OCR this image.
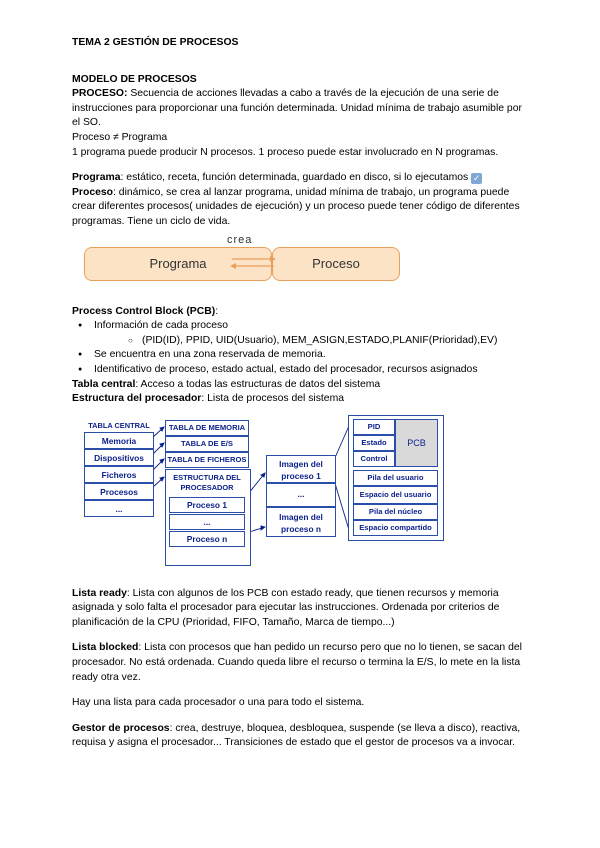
TEMA 2 GESTIÓN DE PROCESOS

MODELO DE PROCESOS

PROCESO: Secuencia de acciones llevadas a cabo a través de la ejecución de una serie de instrucciones para proporcionar una función determinada. Unidad mínima de trabajo asumible por el SO.

Proceso ≠ Programa

1 programa puede producir N procesos. 1 proceso puede estar involucrado en N programas.

Programa: estático, receta, función determinada, guardado en disco, si lo ejecutamos ✓

Proceso: dinámico, se crea al lanzar programa, unidad mínima de trabajo, un programa puede crear diferentes procesos( unidades de ejecución) y un proceso puede tener código de diferentes programas. Tiene un ciclo de vida.

Programa	Proceso
crea

Process Control Block (PCB):

● Información de cada proceso
○ (PID(ID), PPID, UID(Usuario), MEM_ASIGN,ESTADO,PLANIF(Prioridad),EV)
● Se encuentra en una zona reservada de memoria.
● Identificativo de proceso, estado actual, estado del procesador, recursos asignados

Tabla central: Acceso a todas las estructuras de datos del sistema

Estructura del procesador: Lista de procesos del sistema

TABLA CENTRAL
Memoria
Dispositivos
Ficheros
Procesos
...
TABLA DE MEMORIA
TABLA DE E/S
TABLA DE FICHEROS
ESTRUCTURA DEL PROCESADOR
Proceso 1
...
Proceso n
Imagen del proceso 1
...
Imagen del proceso n
PID
Estado
Control
PCB
Pila del usuario
Espacio del usuario
Pila del núcleo
Espacio compartido

Lista ready: Lista con algunos de los PCB con estado ready, que tienen recursos y memoria asignada y solo falta el procesador para ejecutar las instrucciones. Ordenada por criterios de planificación de la CPU (Prioridad, FIFO, Tamaño, Marca de tiempo...)

Lista blocked: Lista con procesos que han pedido un recurso pero que no lo tienen, se sacan del procesador. No está ordenada. Cuando queda libre el recurso o termina la E/S, lo mete en la lista ready otra vez.

Hay una lista para cada procesador o una para todo el sistema.

Gestor de procesos: crea, destruye, bloquea, desbloquea, suspende (se lleva a disco), reactiva, requisa y asigna el procesador... Transiciones de estado que el gestor de procesos va a invocar.
